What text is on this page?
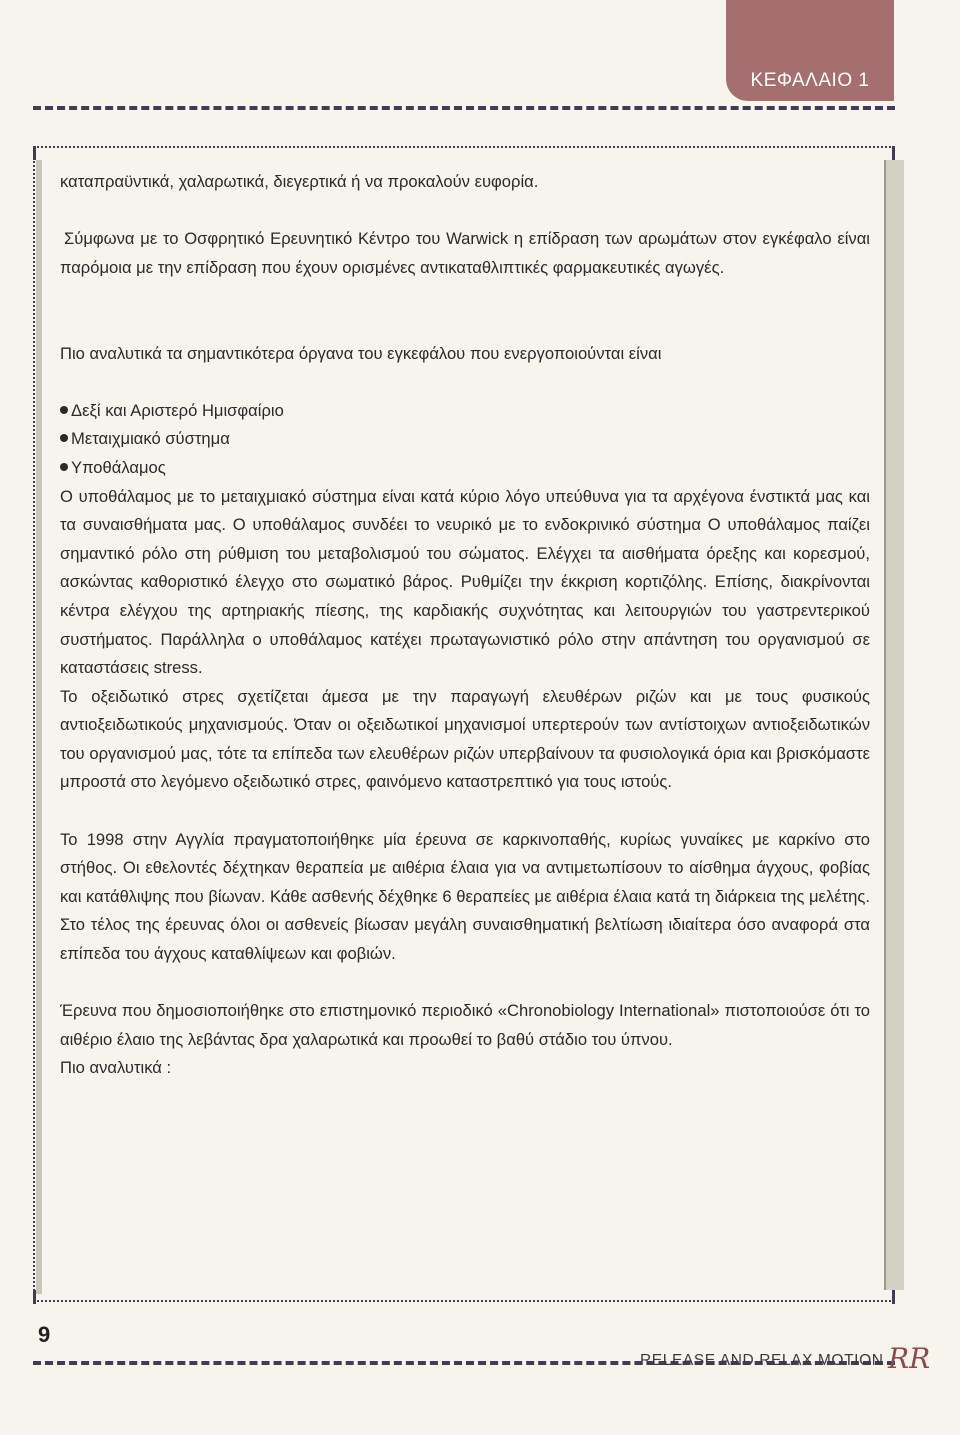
ΚΕΦΑΛΑΙΟ 1

καταπραϋντικά, χαλαρωτικά, διεγερτικά ή να προκαλούν ευφορία.

Σύμφωνα με το Οσφρητικό Ερευνητικό Κέντρο του Warwick η επίδραση των αρωμάτων στον εγκέφαλο είναι παρόμοια με την επίδραση που έχουν ορισμένες αντικαταθλιπτικές φαρμακευτικές αγωγές.

Πιο αναλυτικά τα σημαντικότερα όργανα του εγκεφάλου που ενεργοποιούνται είναι

Δεξί και Αριστερό Ημισφαίριο

Μεταιχμιακό σύστημα

Υποθάλαμος

Ο υποθάλαμος με το μεταιχμιακό σύστημα είναι κατά κύριο λόγο υπεύθυνα για τα αρχέγονα ένστικτά μας και τα συναισθήματα μας. Ο υποθάλαμος συνδέει το νευρικό με το ενδοκρινικό σύστημα Ο υποθάλαμος παίζει σημαντικό ρόλο στη ρύθμιση του μεταβολισμού του σώματος. Ελέγχει τα αισθήματα όρεξης και κορεσμού, ασκώντας καθοριστικό έλεγχο στο σωματικό βάρος. Ρυθμίζει την έκκριση κορτιζόλης. Επίσης, διακρίνονται κέντρα ελέγχου της αρτηριακής πίεσης, της καρδιακής συχνότητας και λειτουργιών του γαστρεντερικού συστήματος. Παράλληλα ο υποθάλαμος κατέχει πρωταγωνιστικό ρόλο στην απάντηση του οργανισμού σε καταστάσεις stress.

Το οξειδωτικό στρες σχετίζεται άμεσα με την παραγωγή ελευθέρων ριζών και με τους φυσικούς αντιοξειδωτικούς μηχανισμούς. Όταν οι οξειδωτικοί μηχανισμοί υπερτερούν των αντίστοιχων αντιοξειδωτικών του οργανισμού μας, τότε τα επίπεδα των ελευθέρων ριζών υπερβαίνουν τα φυσιολογικά όρια και βρισκόμαστε μπροστά στο λεγόμενο οξειδωτικό στρες, φαινόμενο καταστρεπτικό για τους ιστούς.

Το 1998 στην Αγγλία πραγματοποιήθηκε μία έρευνα σε καρκινοπαθής, κυρίως γυναίκες με καρκίνο στο στήθος. Οι εθελοντές δέχτηκαν θεραπεία με αιθέρια έλαια για να αντιμετωπίσουν το αίσθημα άγχους, φοβίας και κατάθλιψης που βίωναν. Κάθε ασθενής δέχθηκε 6 θεραπείες με αιθέρια έλαια κατά τη διάρκεια της μελέτης. Στο τέλος της έρευνας όλοι οι ασθενείς βίωσαν μεγάλη συναισθηματική βελτίωση ιδιαίτερα όσο αναφορά στα επίπεδα του άγχους καταθλίψεων και φοβιών.

Έρευνα που δημοσιοποιήθηκε στο επιστημονικό περιοδικό «Chronobiology International» πιστοποιούσε ότι το αιθέριο έλαιο της λεβάντας δρα χαλαρωτικά και προωθεί το βαθύ στάδιο του ύπνου.

Πιο αναλυτικά :

9
RELEASE AND RELAX MOTION RR
